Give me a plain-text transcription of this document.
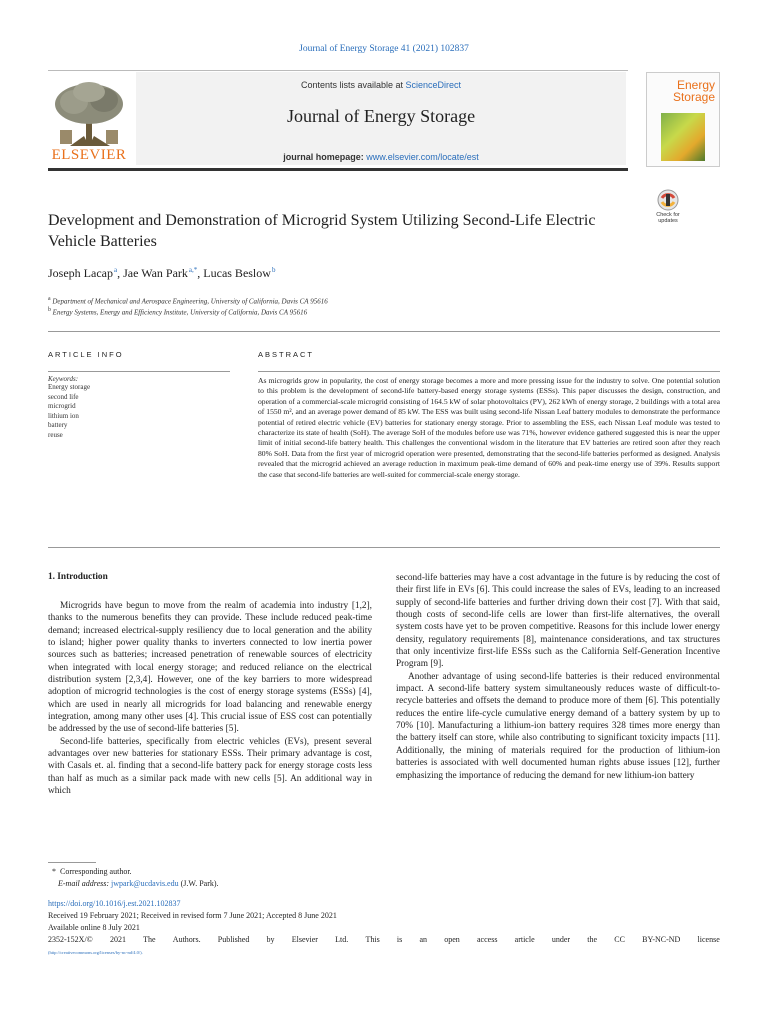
Journal of Energy Storage 41 (2021) 102837
ELSEVIER
Contents lists available at ScienceDirect
Journal of Energy Storage
journal homepage: www.elsevier.com/locate/est
Energy
Storage
Check for updates
Development and Demonstration of Microgrid System Utilizing Second-Life Electric Vehicle Batteries
Joseph Lacap $^a$, Jae Wan Park $^{a,*}$, Lucas Beslow $^b$
$^a$ Department of Mechanical and Aerospace Engineering, University of California, Davis CA 95616
$^b$ Energy Systems, Energy and Efficiency Institute, University of California, Davis CA 95616
ARTICLE INFO	ABSTRACT
Keywords:
Energy storage
second life
microgrid
lithium ion
battery
reuse
As microgrids grow in popularity, the cost of energy storage becomes a more and more pressing issue for the industry to solve. One potential solution to this problem is the development of second-life battery-based energy storage systems (ESSs). This paper discusses the design, construction, and operation of a commercial-scale microgrid consisting of 164.5 kW of solar photovoltaics (PV), 262 kWh of energy storage, 2 buildings with a total area of 1550 m², and an average power demand of 85 kW. The ESS was built using second-life Nissan Leaf battery modules to demonstrate the performance potential of retired electric vehicle (EV) batteries for stationary energy storage. Prior to assembling the ESS, each Nissan Leaf module was tested to characterize its state of health (SoH). The average SoH of the modules before use was 71%, however evidence gathered suggested this is near the upper limit of initial second-life battery health. This challenges the conventional wisdom in the literature that EV batteries are retired soon after they reach 80% SoH. Data from the first year of microgrid operation were presented, demonstrating that the second-life batteries performed as designed. Analysis revealed that the microgrid achieved an average reduction in maximum peak-time demand of 60% and peak-time energy use of 39%. Results support the case that second-life batteries are well-suited for commercial-scale energy storage.
1. Introduction

Microgrids have begun to move from the realm of academia into industry [1,2], thanks to the numerous benefits they can provide. These include reduced peak-time demand; increased electrical-supply resiliency due to local generation and the ability to island; higher power quality thanks to inverters connected to low inertia power sources such as batteries; increased penetration of renewable sources of electricity when integrated with local energy storage; and reduced reliance on the electrical distribution system [2,3,4]. However, one of the key barriers to more widespread adoption of microgrid technologies is the cost of energy storage systems (ESSs) [4], which are used in nearly all microgrids for load balancing and renewable energy integration, among many other uses [4]. This crucial issue of ESS cost can potentially be addressed by the use of second-life batteries [5].

Second-life batteries, specifically from electric vehicles (EVs), present several advantages over new batteries for stationary ESSs. Their primary advantage is cost, with Casals et. al. finding that a second-life battery pack for energy storage costs less than half as much as a similar pack made with new cells [5]. An additional way in which

second-life batteries may have a cost advantage in the future is by reducing the cost of their first life in EVs [6]. This could increase the sales of EVs, leading to an increased supply of second-life batteries and further driving down their cost [7]. With that said, though costs of second-life cells are lower than first-life alternatives, the overall system costs have yet to be proven competitive. Reasons for this include lower energy density, regulatory requirements [8], maintenance considerations, and tax structures that only incentivize first-life ESSs such as the California Self-Generation Incentive Program [9].

Another advantage of using second-life batteries is their reduced environmental impact. A second-life battery system simultaneously reduces waste of difficult-to-recycle batteries and offsets the demand to produce more of them [6]. This potentially reduces the entire life-cycle cumulative energy demand of a battery system by up to 70% [10]. Manufacturing a lithium-ion battery requires 328 times more energy than the battery itself can store, while also contributing to significant toxicity impacts [11]. Additionally, the mining of materials required for the production of lithium-ion batteries is associated with well documented human rights abuse issues [12], further emphasizing the importance of reducing the demand for new lithium-ion battery

* Corresponding author.
E-mail address: jwpark@ucdavis.edu (J.W. Park).
https://doi.org/10.1016/j.est.2021.102837
Received 19 February 2021; Received in revised form 7 June 2021; Accepted 8 June 2021
Available online 8 July 2021
2352-152X/© 2021 The Authors. Published by Elsevier Ltd. This is an open access article under the CC BY-NC-ND license
(http://creativecommons.org/licenses/by-nc-nd/4.0/).
